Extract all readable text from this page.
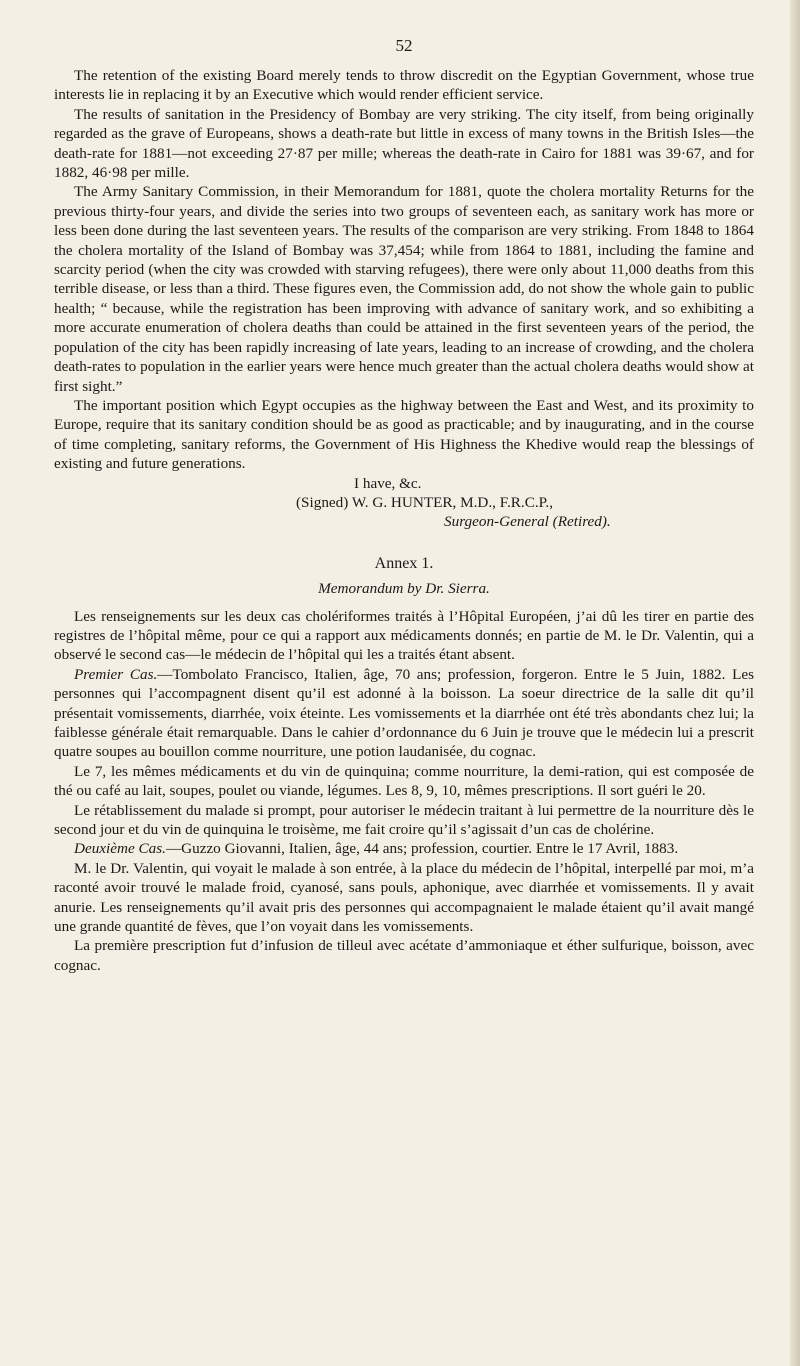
52

The retention of the existing Board merely tends to throw discredit on the Egyptian Government, whose true interests lie in replacing it by an Executive which would render efficient service.

The results of sanitation in the Presidency of Bombay are very striking. The city itself, from being originally regarded as the grave of Europeans, shows a death-rate but little in excess of many towns in the British Isles—the death-rate for 1881—not exceeding 27·87 per mille; whereas the death-rate in Cairo for 1881 was 39·67, and for 1882, 46·98 per mille.

The Army Sanitary Commission, in their Memorandum for 1881, quote the cholera mortality Returns for the previous thirty-four years, and divide the series into two groups of seventeen each, as sanitary work has more or less been done during the last seventeen years. The results of the comparison are very striking. From 1848 to 1864 the cholera mortality of the Island of Bombay was 37,454; while from 1864 to 1881, including the famine and scarcity period (when the city was crowded with starving refugees), there were only about 11,000 deaths from this terrible disease, or less than a third. These figures even, the Commission add, do not show the whole gain to public health; “ because, while the registration has been improving with advance of sanitary work, and so exhibiting a more accurate enumeration of cholera deaths than could be attained in the first seventeen years of the period, the population of the city has been rapidly increasing of late years, leading to an increase of crowding, and the cholera death-rates to population in the earlier years were hence much greater than the actual cholera deaths would show at first sight.”

The important position which Egypt occupies as the highway between the East and West, and its proximity to Europe, require that its sanitary condition should be as good as practicable; and by inaugurating, and in the course of time completing, sanitary reforms, the Government of His Highness the Khedive would reap the blessings of existing and future generations.

I have, &c.

(Signed) W. G. HUNTER, M.D., F.R.C.P.,

Surgeon-General (Retired).

Annex 1.

Memorandum by Dr. Sierra.

Les renseignements sur les deux cas cholériformes traités à l’Hôpital Européen, j’ai dû les tirer en partie des registres de l’hôpital même, pour ce qui a rapport aux médicaments donnés; en partie de M. le Dr. Valentin, qui a observé le second cas—le médecin de l’hôpital qui les a traités étant absent.

Premier Cas.—Tombolato Francisco, Italien, âge, 70 ans; profession, forgeron. Entre le 5 Juin, 1882. Les personnes qui l’accompagnent disent qu’il est adonné à la boisson. La soeur directrice de la salle dit qu’il présentait vomissements, diarrhée, voix éteinte. Les vomissements et la diarrhée ont été très abondants chez lui; la faiblesse générale était remarquable. Dans le cahier d’ordonnance du 6 Juin je trouve que le médecin lui a prescrit quatre soupes au bouillon comme nourriture, une potion laudanisée, du cognac.

Le 7, les mêmes médicaments et du vin de quinquina; comme nourriture, la demi-ration, qui est composée de thé ou café au lait, soupes, poulet ou viande, légumes. Les 8, 9, 10, mêmes prescriptions. Il sort guéri le 20.

Le rétablissement du malade si prompt, pour autoriser le médecin traitant à lui permettre de la nourriture dès le second jour et du vin de quinquina le troisème, me fait croire qu’il s’agissait d’un cas de cholérine.

Deuxième Cas.—Guzzo Giovanni, Italien, âge, 44 ans; profession, courtier. Entre le 17 Avril, 1883.

M. le Dr. Valentin, qui voyait le malade à son entrée, à la place du médecin de l’hôpital, interpellé par moi, m’a raconté avoir trouvé le malade froid, cyanosé, sans pouls, aphonique, avec diarrhée et vomissements. Il y avait anurie. Les renseignements qu’il avait pris des personnes qui accompagnaient le malade étaient qu’il avait mangé une grande quantité de fèves, que l’on voyait dans les vomissements.

La première prescription fut d’infusion de tilleul avec acétate d’ammoniaque et éther sulfurique, boisson, avec cognac.
